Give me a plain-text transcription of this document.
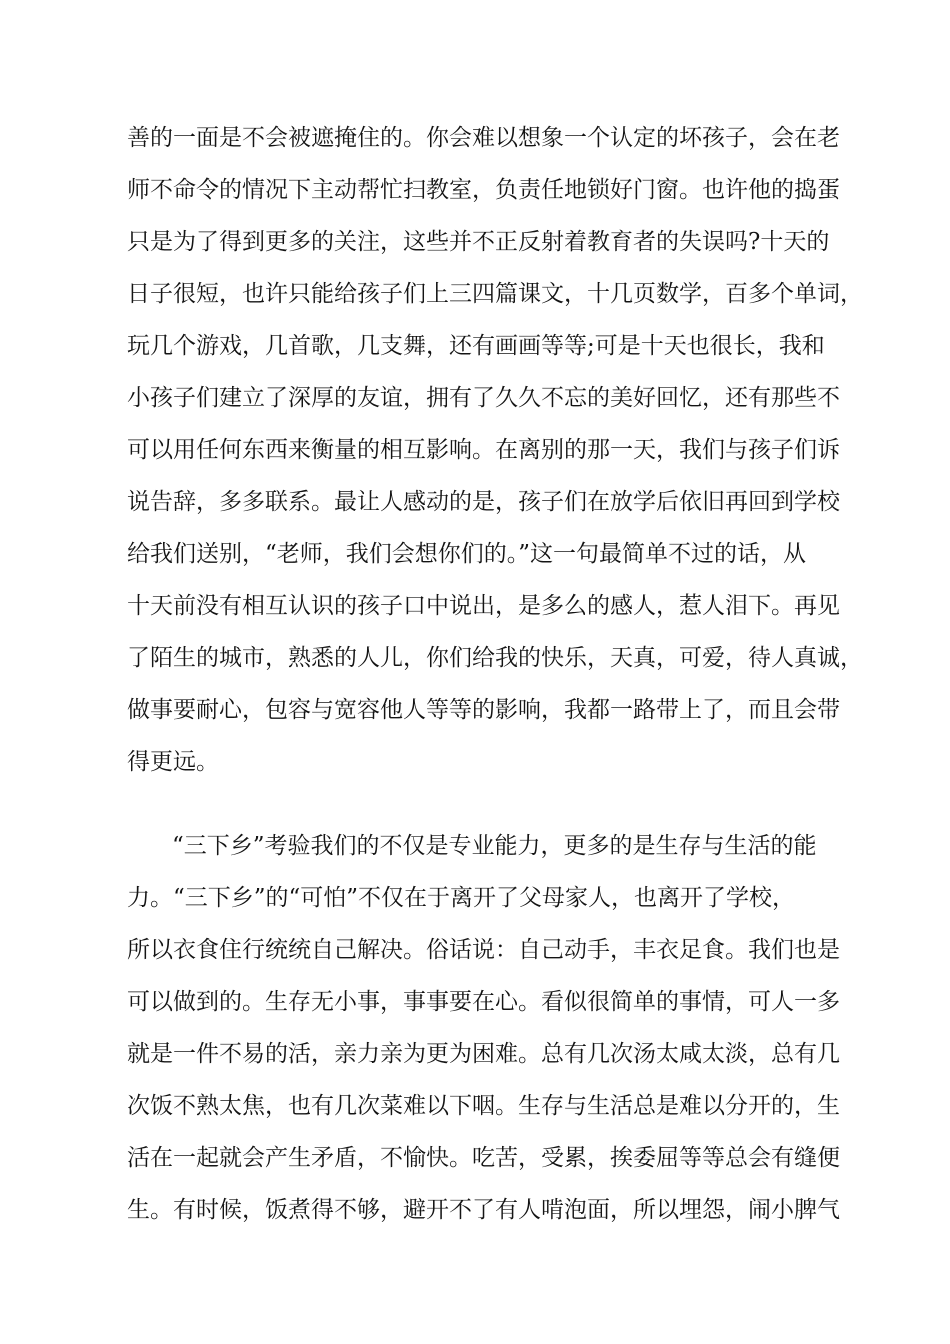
善的一面是不会被遮掩住的。你会难以想象一个认定的坏孩子，会在老
师不命令的情况下主动帮忙扫教室，负责任地锁好门窗。也许他的捣蛋
只是为了得到更多的关注，这些并不正反射着教育者的失误吗?十天的
日子很短，也许只能给孩子们上三四篇课文，十几页数学，百多个单词，
玩几个游戏，几首歌，几支舞，还有画画等等;可是十天也很长，我和
小孩子们建立了深厚的友谊，拥有了久久不忘的美好回忆，还有那些不
可以用任何东西来衡量的相互影响。在离别的那一天，我们与孩子们诉
说告辞，多多联系。最让人感动的是，孩子们在放学后依旧再回到学校
给我们送别，“老师，我们会想你们的。”这一句最简单不过的话，从
十天前没有相互认识的孩子口中说出，是多么的感人，惹人泪下。再见
了陌生的城市，熟悉的人儿，你们给我的快乐，天真，可爱，待人真诚，
做事要耐心，包容与宽容他人等等的影响，我都一路带上了，而且会带
得更远。
“三下乡”考验我们的不仅是专业能力，更多的是生存与生活的能
力。“三下乡”的“可怕”不仅在于离开了父母家人，也离开了学校，
所以衣食住行统统自己解决。俗话说：自己动手，丰衣足食。我们也是
可以做到的。生存无小事，事事要在心。看似很简单的事情，可人一多
就是一件不易的活，亲力亲为更为困难。总有几次汤太咸太淡，总有几
次饭不熟太焦，也有几次菜难以下咽。生存与生活总是难以分开的，生
活在一起就会产生矛盾，不愉快。吃苦，受累，挨委屈等等总会有缝便
生。有时候，饭煮得不够，避开不了有人啃泡面，所以埋怨，闹小脾气
